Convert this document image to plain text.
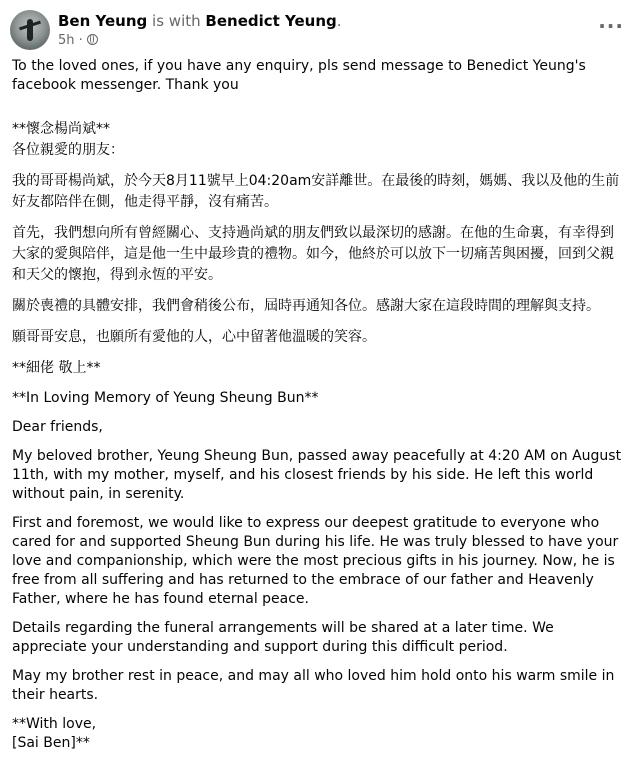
Ben Yeung is with Benedict Yeung.
5h ·
···

To the loved ones, if you have any enquiry, pls send message to Benedict Yeung's facebook messenger. Thank you

**懷念楊尚斌**

各位親愛的朋友：

我的哥哥楊尚斌，於今天8月11號早上04:20am安詳離世。在最後的時刻，媽媽、我以及他的生前好友都陪伴在側，他走得平靜，沒有痛苦。

首先，我們想向所有曾經關心、支持過尚斌的朋友們致以最深切的感謝。在他的生命裏，有幸得到大家的愛與陪伴，這是他一生中最珍貴的禮物。如今，他終於可以放下一切痛苦與困擾，回到父親和天父的懷抱，得到永恆的平安。

關於喪禮的具體安排，我們會稍後公布，屆時再通知各位。感謝大家在這段時間的理解與支持。

願哥哥安息，也願所有愛他的人，心中留著他溫暖的笑容。

**細佬 敬上**

**In Loving Memory of Yeung Sheung Bun**

Dear friends,

My beloved brother, Yeung Sheung Bun, passed away peacefully at 4:20 AM on August 11th, with my mother, myself, and his closest friends by his side. He left this world without pain, in serenity.

First and foremost, we would like to express our deepest gratitude to everyone who cared for and supported Sheung Bun during his life. He was truly blessed to have your love and companionship, which were the most precious gifts in his journey. Now, he is free from all suffering and has returned to the embrace of our father and Heavenly Father, where he has found eternal peace.

Details regarding the funeral arrangements will be shared at a later time. We appreciate your understanding and support during this difficult period.

May my brother rest in peace, and may all who loved him hold onto his warm smile in their hearts.

**With love,

[Sai Ben]**
